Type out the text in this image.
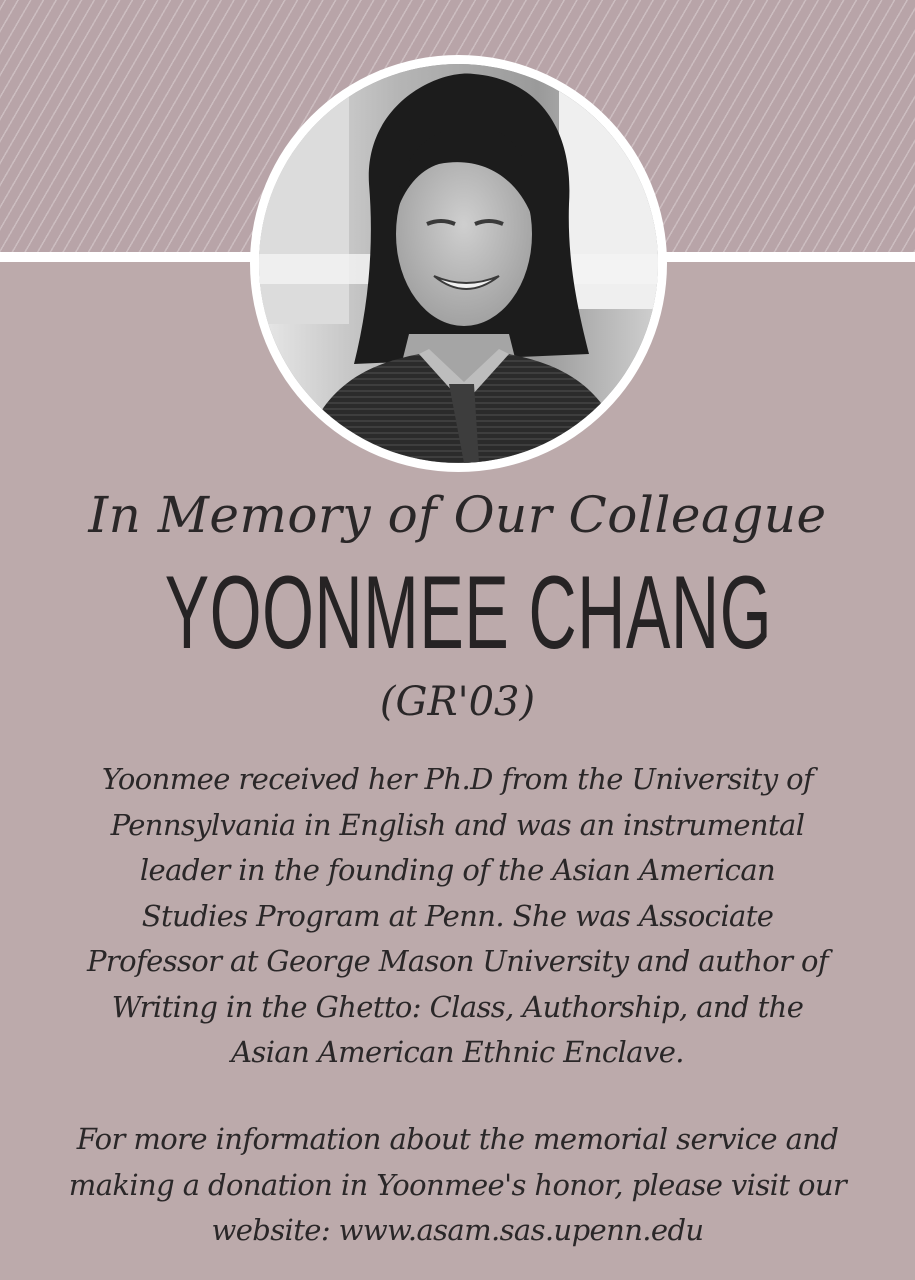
In Memory of Our Colleague
YOONMEE CHANG
(GR'03)
Yoonmee received her Ph.D from the University of
Pennsylvania in English and was an instrumental
leader in the founding of the Asian American
Studies Program at Penn. She was Associate
Professor at George Mason University and author of
Writing in the Ghetto: Class, Authorship, and the
Asian American Ethnic Enclave.
For more information about the memorial service and
making a donation in Yoonmee's honor, please visit our
website: www.asam.sas.upenn.edu
